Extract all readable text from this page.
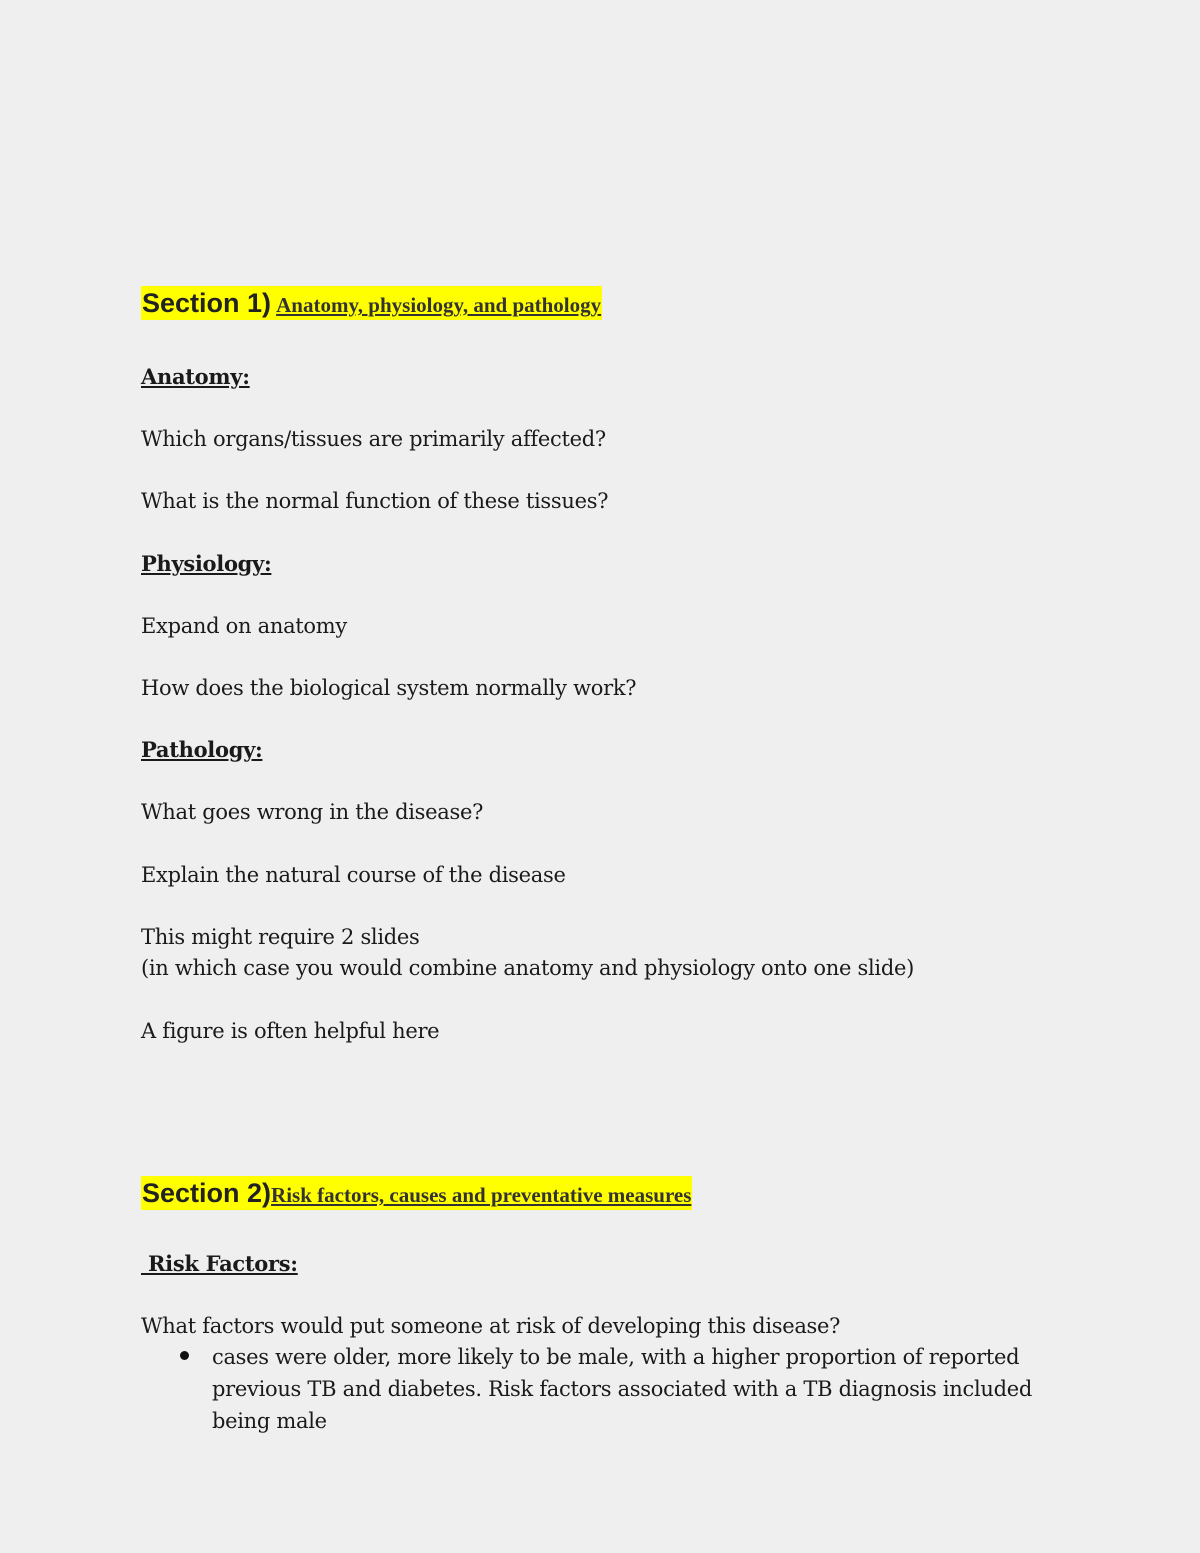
Section 1) Anatomy, physiology, and pathology
Anatomy:
Which organs/tissues are primarily affected?
What is the normal function of these tissues?
Physiology:
Expand on anatomy
How does the biological system normally work?
Pathology:
What goes wrong in the disease?
Explain the natural course of the disease
This might require 2 slides
(in which case you would combine anatomy and physiology onto one slide)
A figure is often helpful here
Section 2)Risk factors, causes and preventative measures
Risk Factors:
What factors would put someone at risk of developing this disease?
cases were older, more likely to be male, with a higher proportion of reported previous TB and diabetes. Risk factors associated with a TB diagnosis included being male
